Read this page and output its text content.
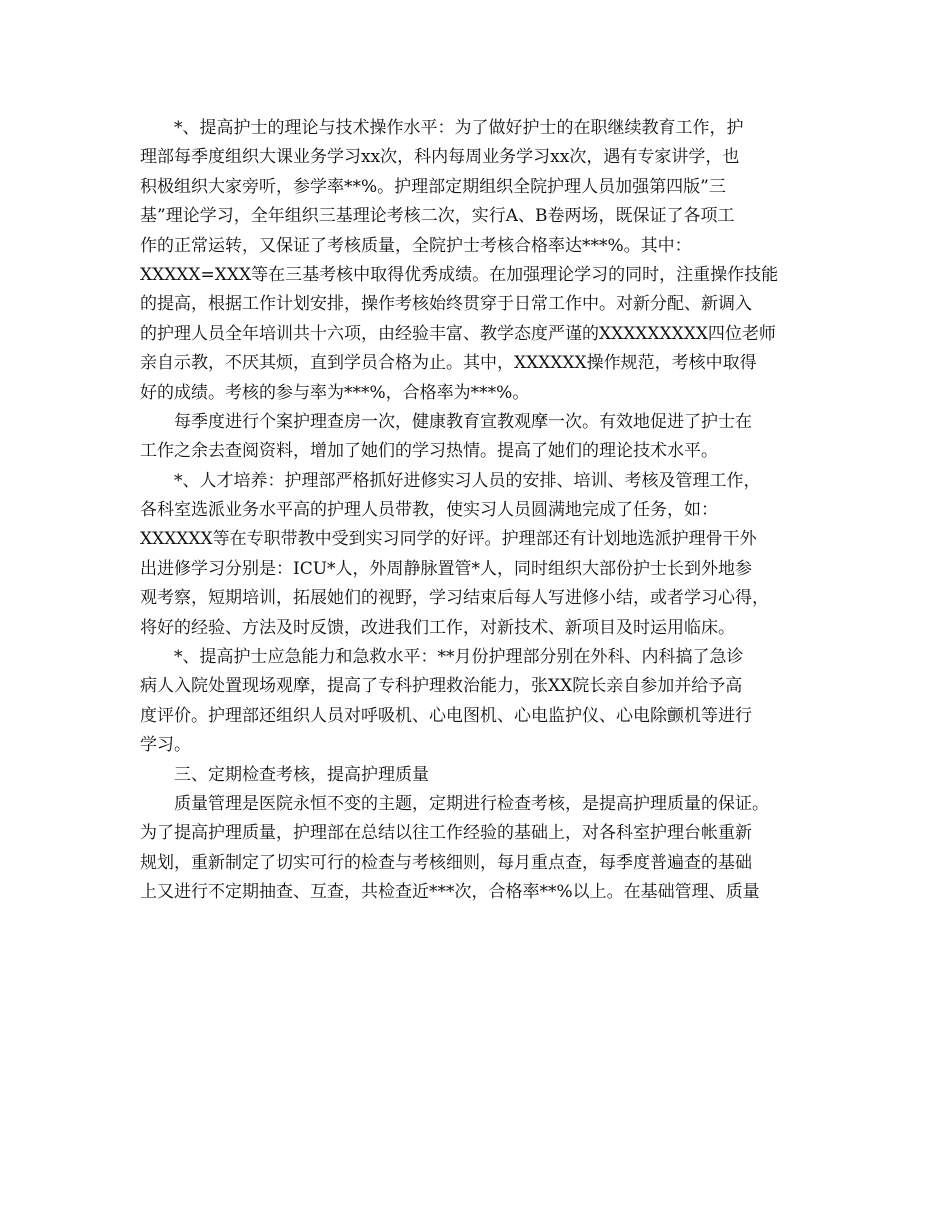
*、提高护士的理论与技术操作水平：为了做好护士的在职继续教育工作，护
理部每季度组织大课业务学习xx次，科内每周业务学习xx次，遇有专家讲学，也
积极组织大家旁听，参学率**%。护理部定期组织全院护理人员加强第四版”三
基”理论学习，全年组织三基理论考核二次，实行A、B卷两场，既保证了各项工
作的正常运转，又保证了考核质量，全院护士考核合格率达***%。其中：
XXXXX=XXX等在三基考核中取得优秀成绩。在加强理论学习的同时，注重操作技能
的提高，根据工作计划安排，操作考核始终贯穿于日常工作中。对新分配、新调入
的护理人员全年培训共十六项，由经验丰富、教学态度严谨的XXXXXXXXX四位老师
亲自示教，不厌其烦，直到学员合格为止。其中，XXXXXX操作规范，考核中取得
好的成绩。考核的参与率为***%，合格率为***%。
每季度进行个案护理查房一次，健康教育宣教观摩一次。有效地促进了护士在
工作之余去查阅资料，增加了她们的学习热情。提高了她们的理论技术水平。
*、人才培养：护理部严格抓好进修实习人员的安排、培训、考核及管理工作，
各科室选派业务水平高的护理人员带教，使实习人员圆满地完成了任务，如：
XXXXXX等在专职带教中受到实习同学的好评。护理部还有计划地选派护理骨干外
出进修学习分别是：ICU*人，外周静脉置管*人，同时组织大部份护士长到外地参
观考察，短期培训，拓展她们的视野，学习结束后每人写进修小结，或者学习心得，
将好的经验、方法及时反馈，改进我们工作，对新技术、新项目及时运用临床。
*、提高护士应急能力和急救水平：**月份护理部分别在外科、内科搞了急诊
病人入院处置现场观摩，提高了专科护理救治能力，张XX院长亲自参加并给予高
度评价。护理部还组织人员对呼吸机、心电图机、心电监护仪、心电除颤机等进行
学习。
三、定期检查考核，提高护理质量
质量管理是医院永恒不变的主题，定期进行检查考核，是提高护理质量的保证。
为了提高护理质量，护理部在总结以往工作经验的基础上，对各科室护理台帐重新
规划，重新制定了切实可行的检查与考核细则，每月重点查，每季度普遍查的基础
上又进行不定期抽查、互查，共检查近***次，合格率**%以上。在基础管理、质量
